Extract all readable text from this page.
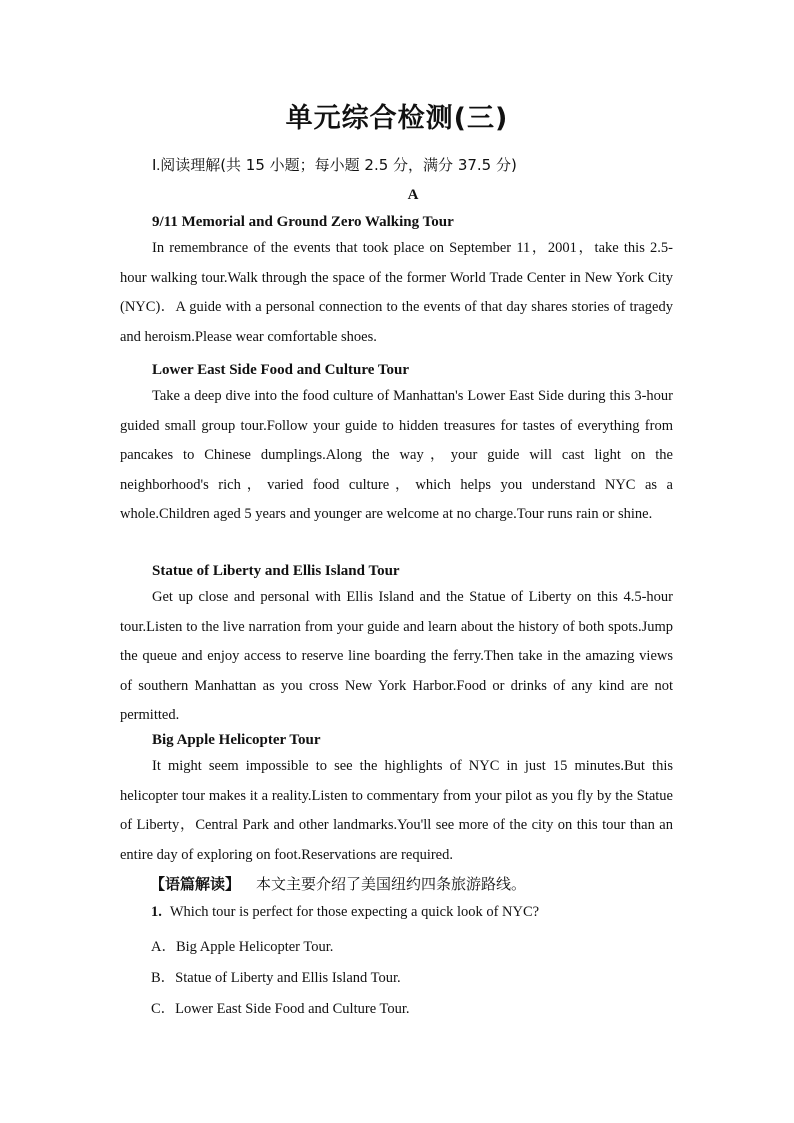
单元综合检测(三)
Ⅰ.阅读理解(共 15 小题；每小题 2.5 分，满分 37.5 分)
A
9/11 Memorial and Ground Zero Walking Tour

In remembrance of the events that took place on September 11，2001，take this 2.5-hour walking tour.Walk through the space of the former World Trade Center in New York City (NYC)．A guide with a personal connection to the events of that day shares stories of tragedy and heroism.Please wear comfortable shoes.

Lower East Side Food and Culture Tour

Take a deep dive into the food culture of Manhattan's Lower East Side during this 3-hour guided small group tour.Follow your guide to hidden treasures for tastes of everything from pancakes to Chinese dumplings.Along the way，your guide will cast light on the neighborhood's rich，varied food culture，which helps you understand NYC as a whole.Children aged 5 years and younger are welcome at no charge.Tour runs rain or shine.

Statue of Liberty and Ellis Island Tour

Get up close and personal with Ellis Island and the Statue of Liberty on this 4.5-hour tour.Listen to the live narration from your guide and learn about the history of both spots.Jump the queue and enjoy access to reserve line boarding the ferry.Then take in the amazing views of southern Manhattan as you cross New York Harbor.Food or drinks of any kind are not permitted.

Big Apple Helicopter Tour

It might seem impossible to see the highlights of NYC in just 15 minutes.But this helicopter tour makes it a reality.Listen to commentary from your pilot as you fly by the Statue of Liberty，Central Park and other landmarks.You'll see more of the city on this tour than an entire day of exploring on foot.Reservations are required.

【语篇解读】 本文主要介绍了美国纽约四条旅游路线。
1. Which tour is perfect for those expecting a quick look of NYC?
A．Big Apple Helicopter Tour.
B．Statue of Liberty and Ellis Island Tour.
C．Lower East Side Food and Culture Tour.
